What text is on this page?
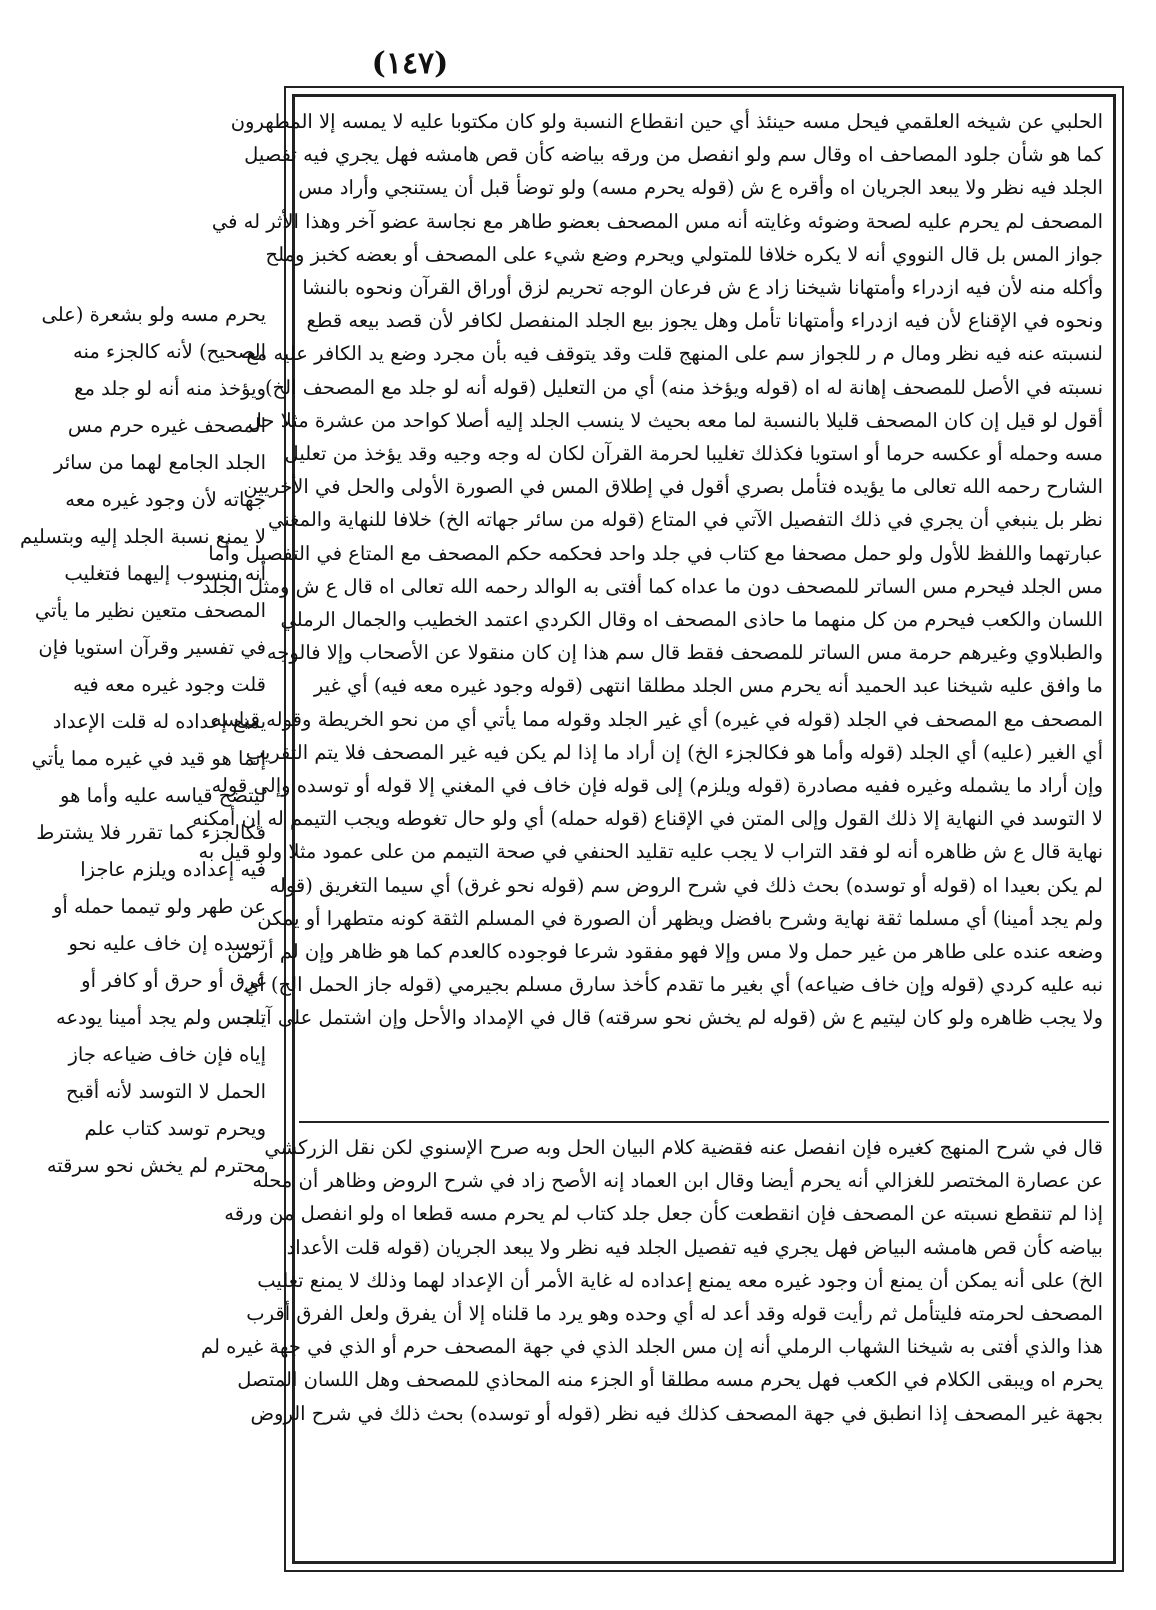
(١٤٧)
الحلبي عن شيخه العلقمي فيحل مسه حينئذ أي حين انقطاع النسبة ولو كان مكتوبا عليه لا يمسه إلا المطهرون
كما هو شأن جلود المصاحف اه وقال سم ولو انفصل من ورقه بياضه كأن قص هامشه فهل يجري فيه تفصيل
الجلد فيه نظر ولا يبعد الجريان اه وأقره ع ش (قوله يحرم مسه) ولو توضأ قبل أن يستنجي وأراد مس
المصحف لم يحرم عليه لصحة وضوئه وغايته أنه مس المصحف بعضو طاهر مع نجاسة عضو آخر وهذا الأثر له في
جواز المس بل قال النووي أنه لا يكره خلافا للمتولي ويحرم وضع شيء على المصحف أو بعضه كخبز وملح
وأكله منه لأن فيه ازدراء وأمتهانا شيخنا زاد ع ش فرعان الوجه تحريم لزق أوراق القرآن ونحوه بالنشا
ونحوه في الإقناع لأن فيه ازدراء وأمتهانا تأمل وهل يجوز بيع الجلد المنفصل لكافر لأن قصد بيعه قطع
لنسبته عنه فيه نظر ومال م ر للجواز سم على المنهج قلت وقد يتوقف فيه بأن مجرد وضع يد الكافر عليه مع
نسبته في الأصل للمصحف إهانة له اه (قوله ويؤخذ منه) أي من التعليل (قوله أنه لو جلد مع المصحف الخ)
أقول لو قيل إن كان المصحف قليلا بالنسبة لما معه بحيث لا ينسب الجلد إليه أصلا كواحد من عشرة مثلا حل
مسه وحمله أو عكسه حرما أو استويا فكذلك تغليبا لحرمة القرآن لكان له وجه وجيه وقد يؤخذ من تعليل
الشارح رحمه الله تعالى ما يؤيده فتأمل بصري أقول في إطلاق المس في الصورة الأولى والحل في الأخريين
نظر بل ينبغي أن يجري في ذلك التفصيل الآتي في المتاع (قوله من سائر جهاته الخ) خلافا للنهاية والمغني
عبارتهما واللفظ للأول ولو حمل مصحفا مع كتاب في جلد واحد فحكمه حكم المصحف مع المتاع في التفصيل وأما
مس الجلد فيحرم مس الساتر للمصحف دون ما عداه كما أفتى به الوالد رحمه الله تعالى اه قال ع ش ومثل الجلد
اللسان والكعب فيحرم من كل منهما ما حاذى المصحف اه وقال الكردي اعتمد الخطيب والجمال الرملي
والطبلاوي وغيرهم حرمة مس الساتر للمصحف فقط قال سم هذا إن كان منقولا عن الأصحاب وإلا فالوجه
ما وافق عليه شيخنا عبد الحميد أنه يحرم مس الجلد مطلقا انتهى (قوله وجود غيره معه فيه) أي غير
المصحف مع المصحف في الجلد (قوله في غيره) أي غير الجلد وقوله مما يأتي أي من نحو الخريطة وقوله قياسه
أي الغير (عليه) أي الجلد (قوله وأما هو فكالجزء الخ) إن أراد ما إذا لم يكن فيه غير المصحف فلا يتم التقريب
وإن أراد ما يشمله وغيره ففيه مصادرة (قوله ويلزم) إلى قوله فإن خاف في المغني إلا قوله أو توسده وإلى قوله
لا التوسد في النهاية إلا ذلك القول وإلى المتن في الإقناع (قوله حمله) أي ولو حال تغوطه ويجب التيمم له إن أمكنه
نهاية قال ع ش ظاهره أنه لو فقد التراب لا يجب عليه تقليد الحنفي في صحة التيمم من على عمود مثلا ولو قيل به
لم يكن بعيدا اه (قوله أو توسده) بحث ذلك في شرح الروض سم (قوله نحو غرق) أي سيما التغريق (قوله
ولم يجد أمينا) أي مسلما ثقة نهاية وشرح بافضل ويظهر أن الصورة في المسلم الثقة كونه متطهرا أو يمكن
وضعه عنده على طاهر من غير حمل ولا مس وإلا فهو مفقود شرعا فوجوده كالعدم كما هو ظاهر وإن لم أر من
نبه عليه كردي (قوله وإن خاف ضياعه) أي بغير ما تقدم كأخذ سارق مسلم بجيرمي (قوله جاز الحمل الخ) أي
ولا يجب ظاهره ولو كان ليتيم ع ش (قوله لم يخش نحو سرقته) قال في الإمداد والأحل وإن اشتمل على آيات
قال في شرح المنهج كغيره فإن انفصل عنه فقضية كلام البيان الحل وبه صرح الإسنوي لكن نقل الزركشي
عن عصارة المختصر للغزالي أنه يحرم أيضا وقال ابن العماد إنه الأصح زاد في شرح الروض وظاهر أن محله
إذا لم تنقطع نسبته عن المصحف فإن انقطعت كأن جعل جلد كتاب لم يحرم مسه قطعا اه ولو انفصل من ورقه
بياضه كأن قص هامشه البياض فهل يجري فيه تفصيل الجلد فيه نظر ولا يبعد الجريان (قوله قلت الأعداد
الخ) على أنه يمكن أن يمنع أن وجود غيره معه يمنع إعداده له غاية الأمر أن الإعداد لهما وذلك لا يمنع تغليب
المصحف لحرمته فليتأمل ثم رأيت قوله وقد أعد له أي وحده وهو يرد ما قلناه إلا أن يفرق ولعل الفرق أقرب
هذا والذي أفتى به شيخنا الشهاب الرملي أنه إن مس الجلد الذي في جهة المصحف حرم أو الذي في جهة غيره لم
يحرم اه ويبقى الكلام في الكعب فهل يحرم مسه مطلقا أو الجزء منه المحاذي للمصحف وهل اللسان المتصل
بجهة غير المصحف إذا انطبق في جهة المصحف كذلك فيه نظر (قوله أو توسده) بحث ذلك في شرح الروض
يحرم مسه ولو بشعرة (على
الصحيح) لأنه كالجزء منه
ويؤخذ منه أنه لو جلد مع
المصحف غيره حرم مس
الجلد الجامع لهما من سائر
جهاته لأن وجود غيره معه
لا يمنع نسبة الجلد إليه وبتسليم
أنه منسوب إليهما فتغليب
المصحف متعين نظير ما يأتي
في تفسير وقرآن استويا فإن
قلت وجود غيره معه فيه
يمنع إعداده له قلت الإعداد
إنما هو قيد في غيره مما يأتي
ليتضح قياسه عليه وأما هو
فكالجزء كما تقرر فلا يشترط
فيه إعداده ويلزم عاجزا
عن طهر ولو تيمما حمله أو
توسده إن خاف عليه نحو
غرق أو حرق أو كافر أو
تنجس ولم يجد أمينا يودعه
إياه فإن خاف ضياعه جاز
الحمل لا التوسد لأنه أقبح
ويحرم توسد كتاب علم
محترم لم يخش نحو سرقته
